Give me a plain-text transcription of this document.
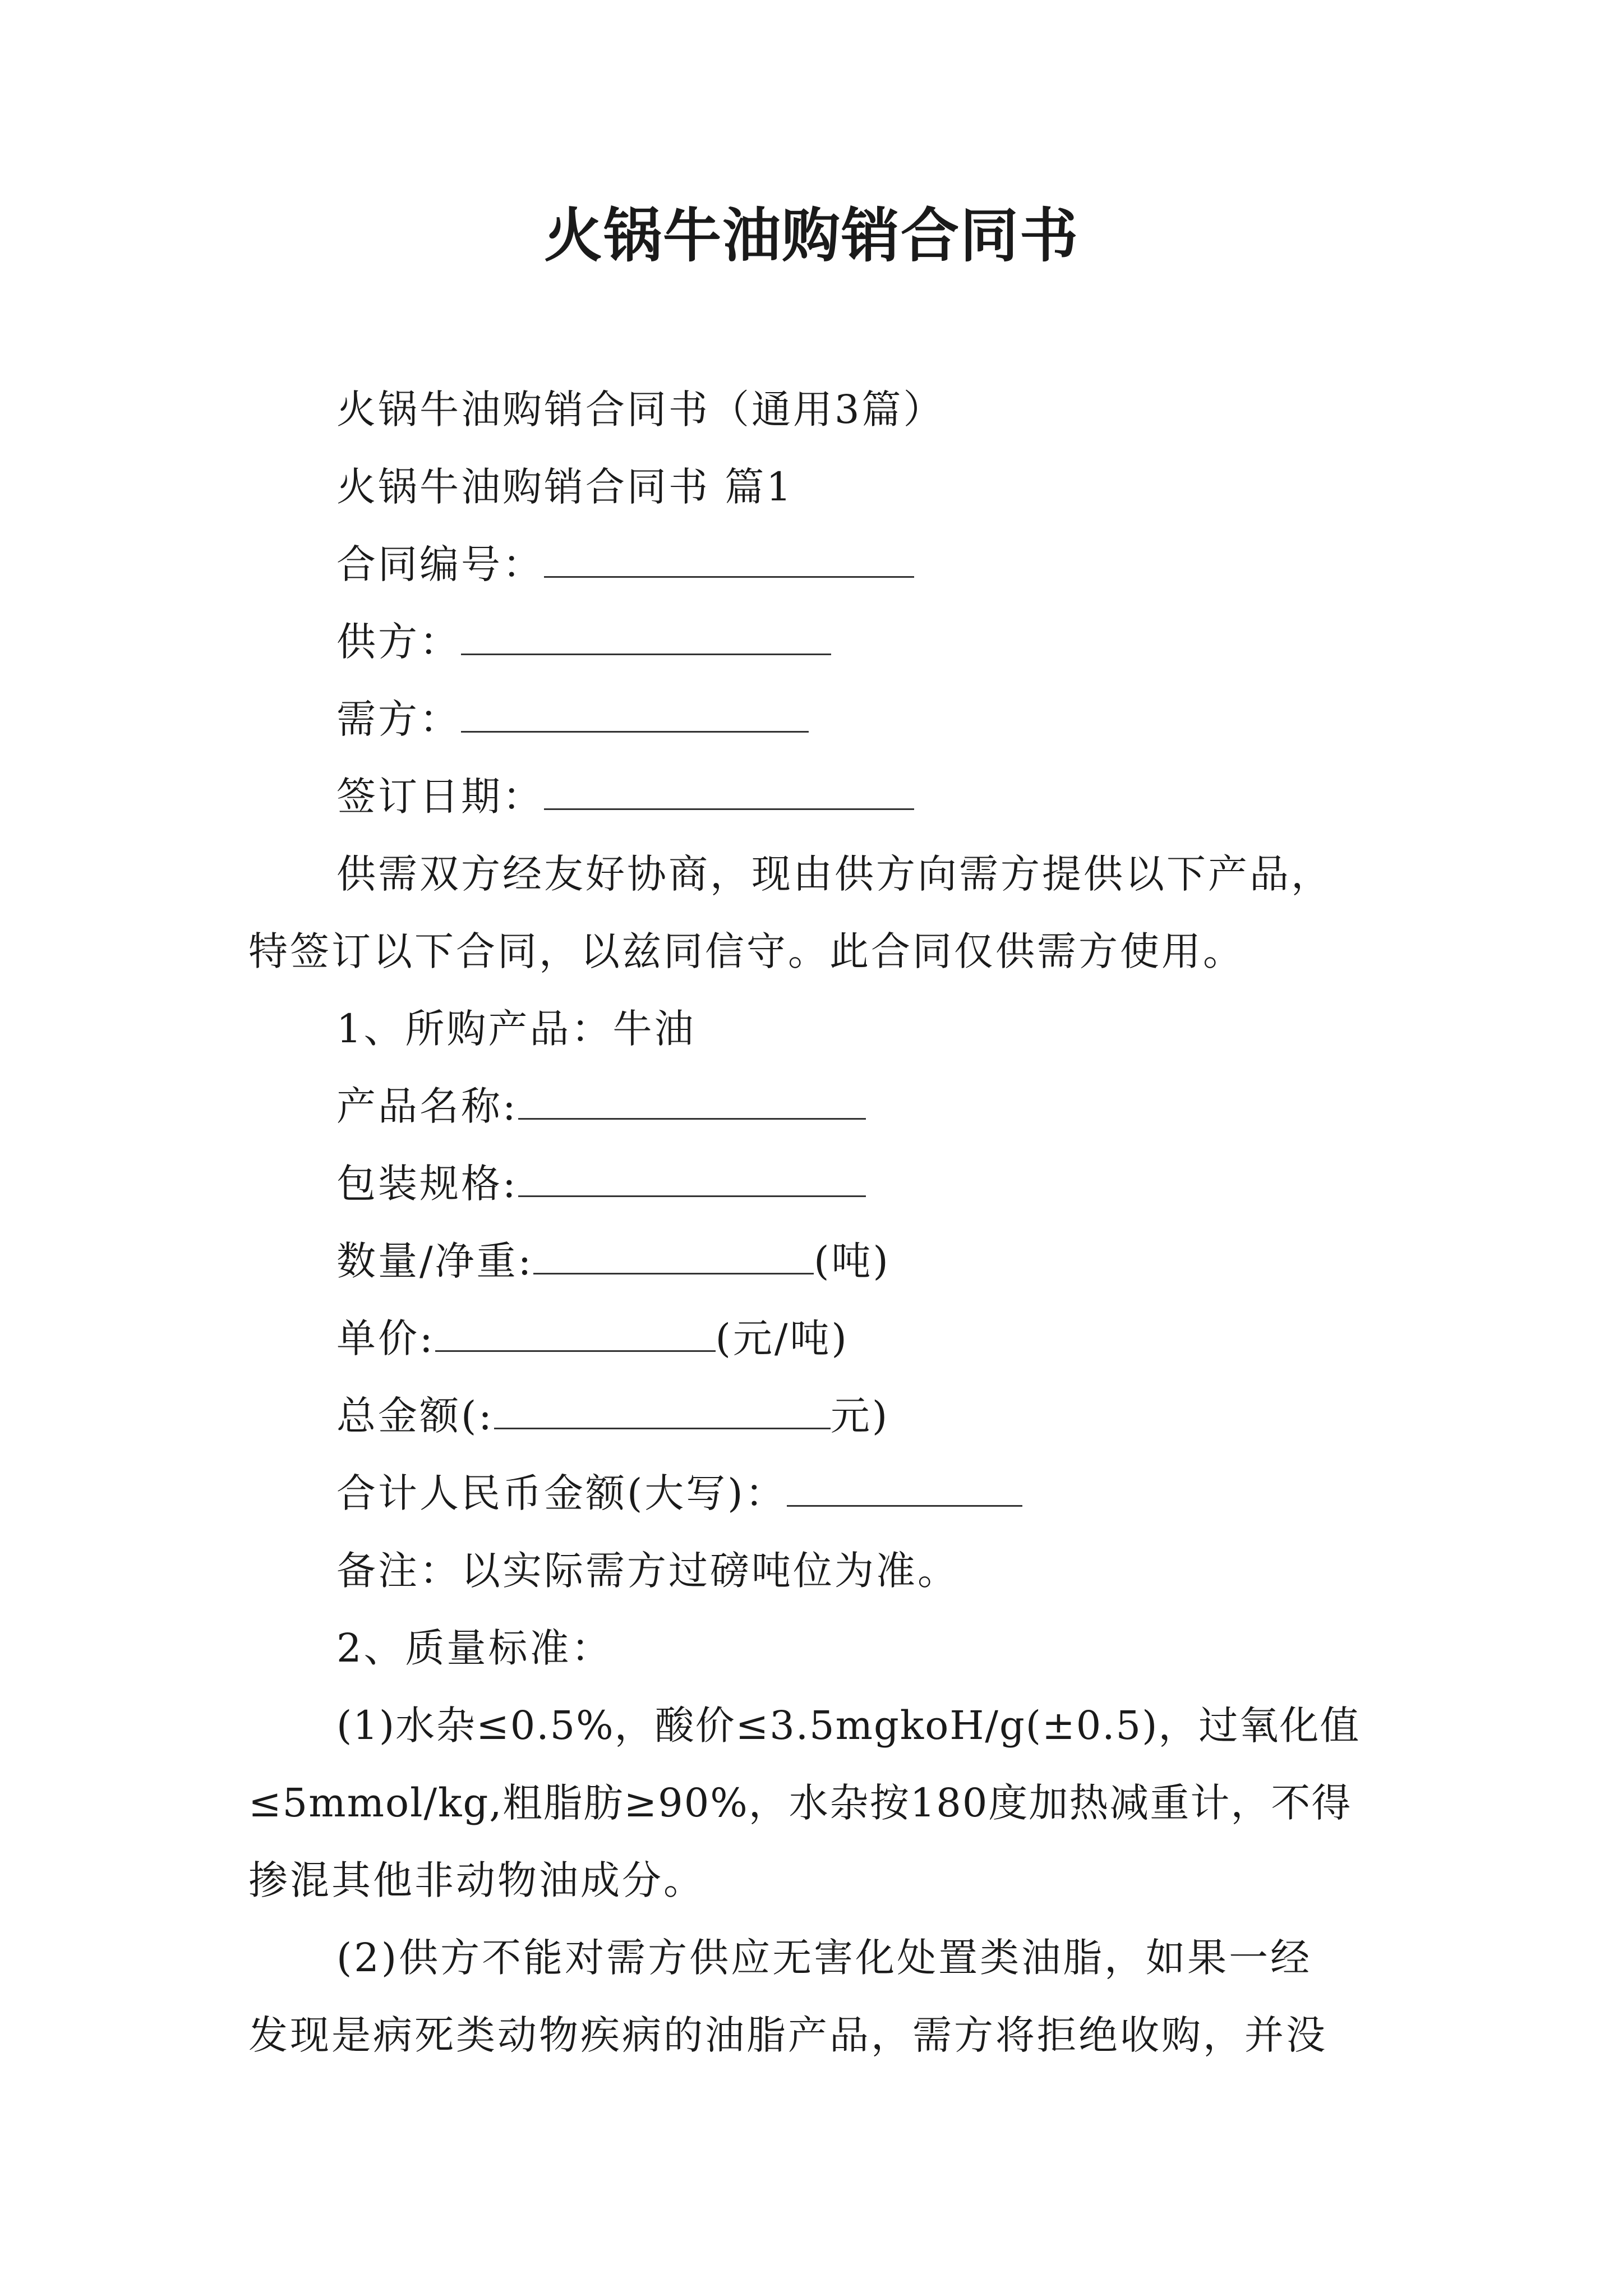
火锅牛油购销合同书
火锅牛油购销合同书（通用3篇）
火锅牛油购销合同书 篇1
合同编号：
供方：
需方：
签订日期：
供需双方经友好协商，现由供方向需方提供以下产品，
特签订以下合同，以兹同信守。此合同仅供需方使用。
1、所购产品：牛油
产品名称:
包装规格:
数量/净重:	(吨)
单价:	(元/吨)
总金额(:	元)
合计人民币金额(大写)：
备注：以实际需方过磅吨位为准。
2、质量标准：
(1)水杂≤0.5%，酸价≤3.5mgkoH/g(±0.5)，过氧化值
≤5mmol/kg,粗脂肪≥90%，水杂按180度加热减重计，不得
掺混其他非动物油成分。
(2)供方不能对需方供应无害化处置类油脂，如果一经
发现是病死类动物疾病的油脂产品，需方将拒绝收购，并没
